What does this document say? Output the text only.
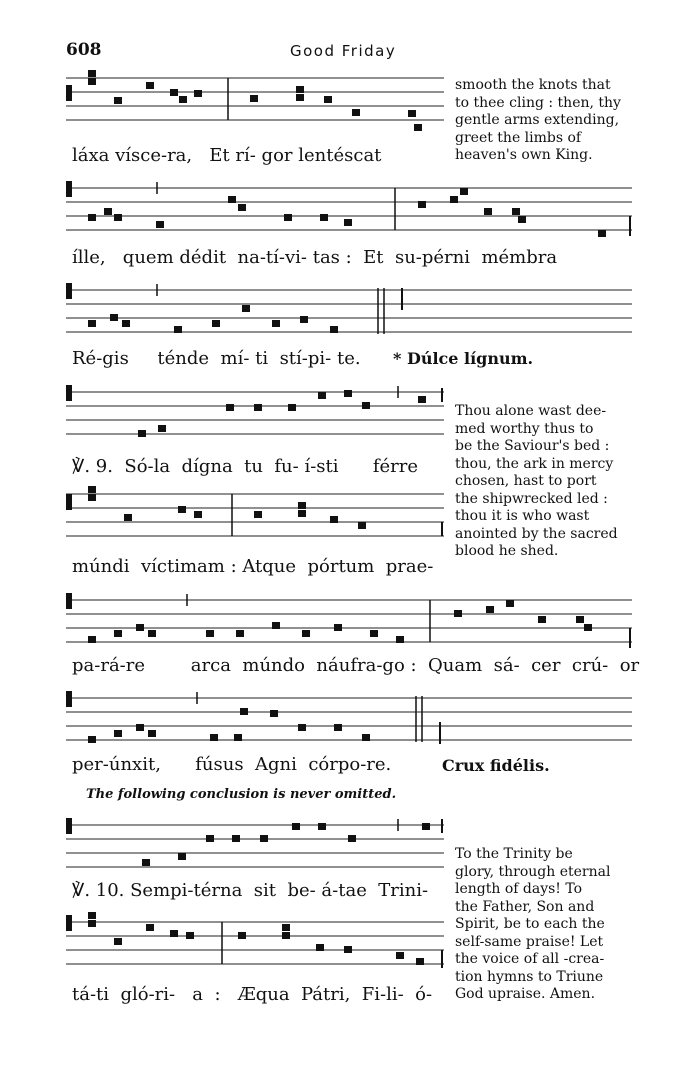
608	Good Friday
láxa vísce-ra,   Et rí- gor lentéscat
smooth the knots that
to thee cling : then, thy
gentle arms extending,
greet the limbs of
heaven's own King.
ílle,   quem dédit  na-tí-vi- tas :  Et  su-pérni  mémbra
Ré-gis     ténde  mí- ti  stí-pi- te. * Dúlce lígnum.
℣. 9.  Só-la  dígna  tu  fu- í-sti      férre
Thou alone wast dee-
med worthy thus to
be the Saviour's bed :
thou, the ark in mercy
chosen, hast to port
the shipwrecked led :
thou it is who wast
anointed by the sacred
blood he shed.
múndi  víctimam : Atque  pórtum  prae-
pa-rá-re        arca  múndo  náufra-go :  Quam  sá-  cer  crú-  or
per-únxit,      fúsus  Agni  córpo-re.	Crux fidélis.
The following conclusion is never omitted.
℣. 10. Sempi-térna  sit  be- á-tae  Trini-
To the Trinity be
glory, through eternal
length of days! To
the Father, Son and
Spirit, be to each the
self-same praise! Let
the voice of all -crea-
tion hymns to Triune
God upraise. Amen.
tá-ti  gló-ri-   a  :   Æqua  Pátri,  Fi-li-  ó-
